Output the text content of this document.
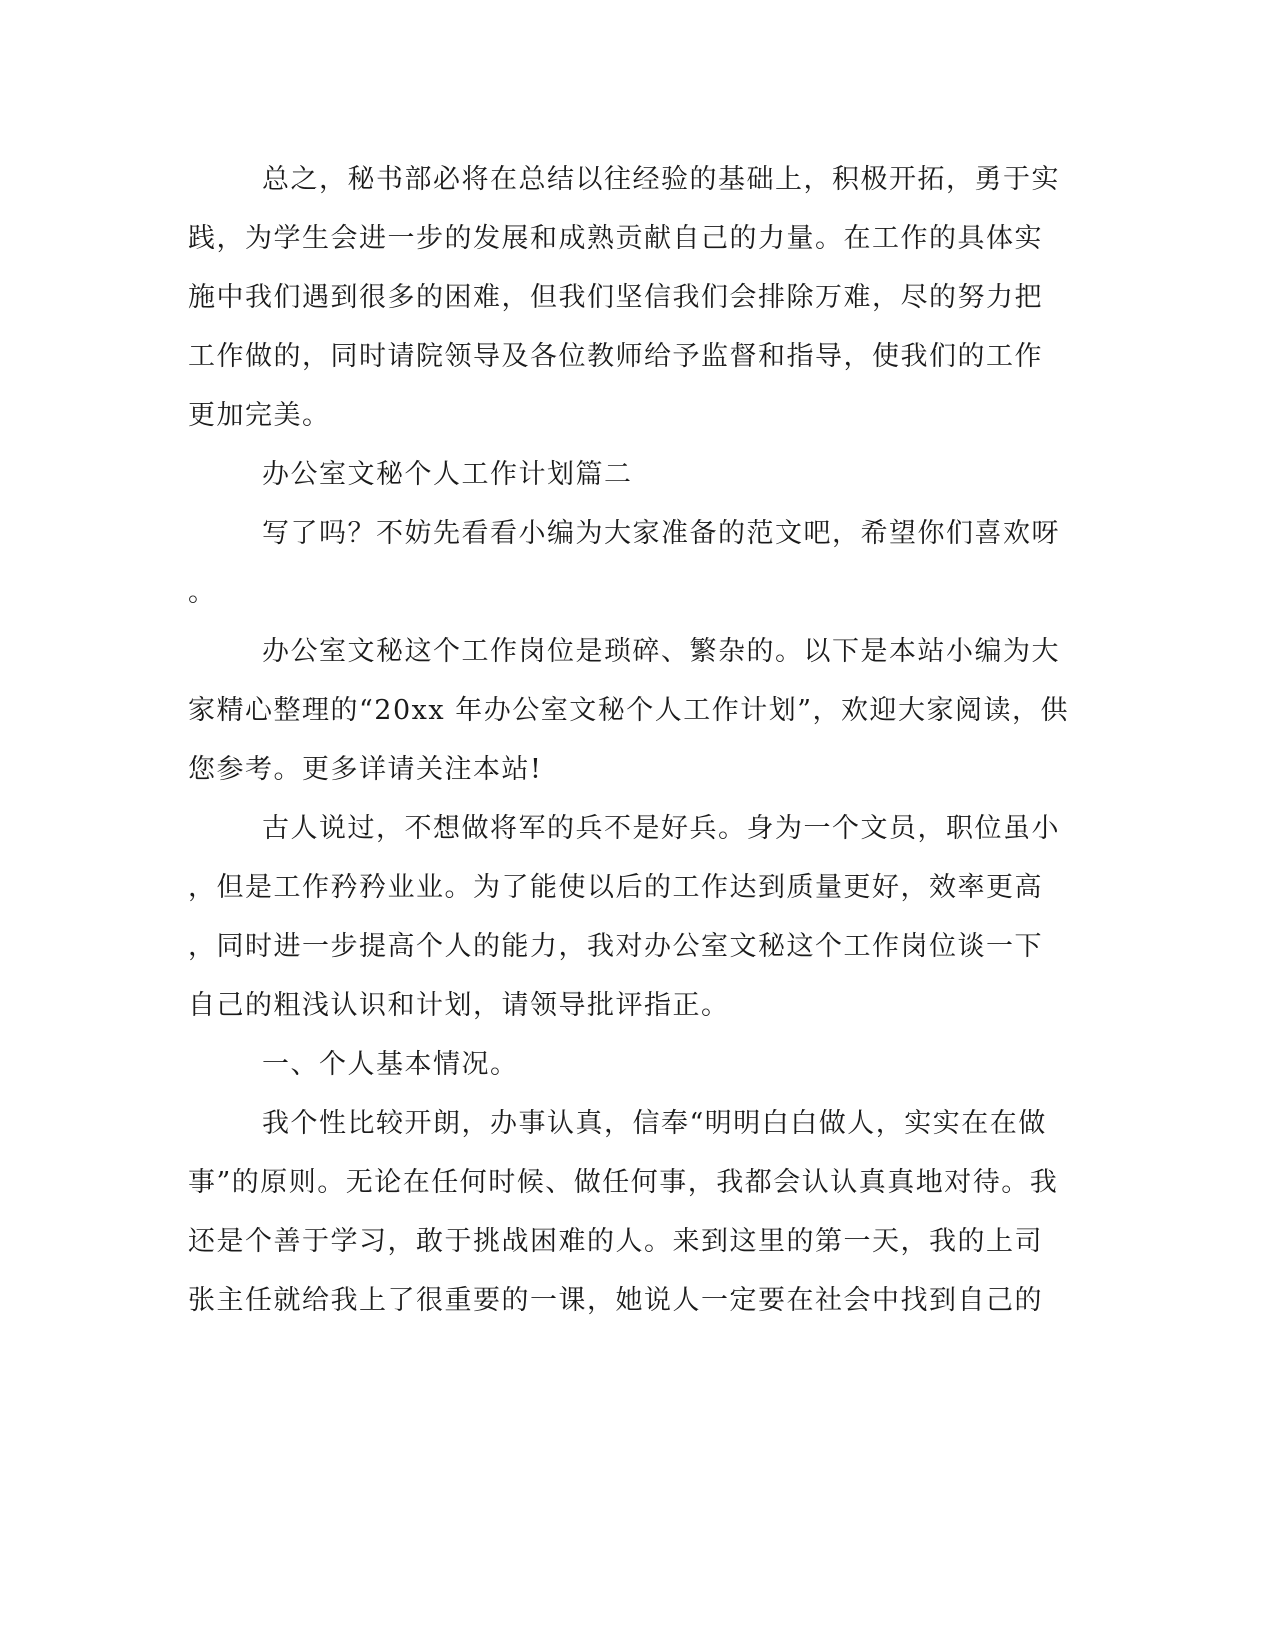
总之，秘书部必将在总结以往经验的基础上，积极开拓，勇于实
践，为学生会进一步的发展和成熟贡献自己的力量。在工作的具体实
施中我们遇到很多的困难，但我们坚信我们会排除万难，尽的努力把
工作做的，同时请院领导及各位教师给予监督和指导，使我们的工作
更加完美。
办公室文秘个人工作计划篇二
写了吗？不妨先看看小编为大家准备的范文吧，希望你们喜欢呀
。
办公室文秘这个工作岗位是琐碎、繁杂的。以下是本站小编为大
家精心整理的“20xx 年办公室文秘个人工作计划”，欢迎大家阅读，供
您参考。更多详请关注本站!
古人说过，不想做将军的兵不是好兵。身为一个文员，职位虽小
，但是工作矜矜业业。为了能使以后的工作达到质量更好，效率更高
，同时进一步提高个人的能力，我对办公室文秘这个工作岗位谈一下
自己的粗浅认识和计划，请领导批评指正。
一、个人基本情况。
我个性比较开朗，办事认真，信奉“明明白白做人，实实在在做
事”的原则。无论在任何时候、做任何事，我都会认认真真地对待。我
还是个善于学习，敢于挑战困难的人。来到这里的第一天，我的上司
张主任就给我上了很重要的一课，她说人一定要在社会中找到自己的
